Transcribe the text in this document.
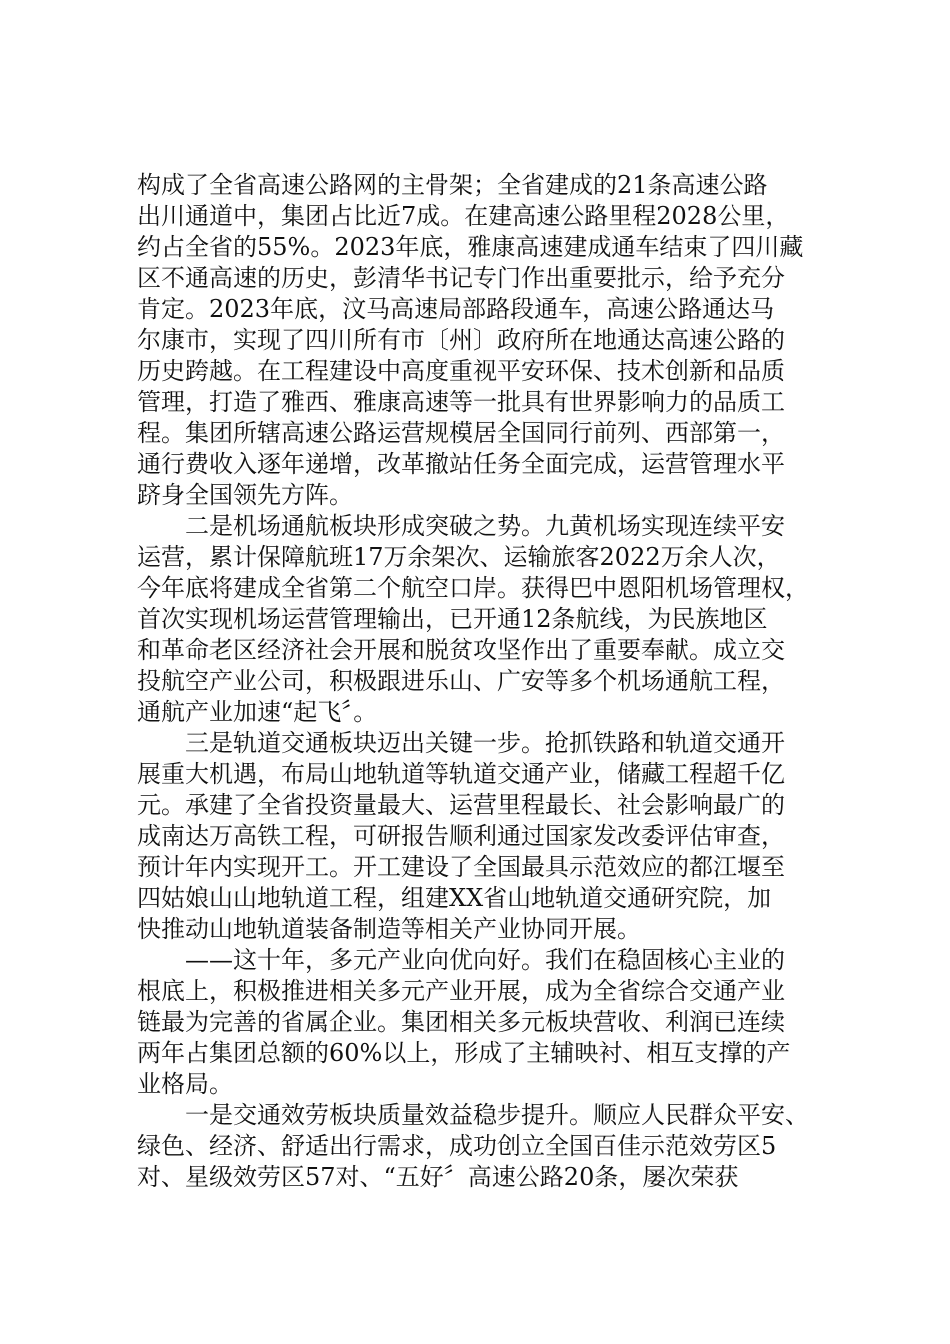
构成了全省高速公路网的主骨架；全省建成的21条高速公路
出川通道中，集团占比近7成。在建高速公路里程2028公里，
约占全省的55%。2023年底，雅康高速建成通车结束了四川藏
区不通高速的历史，彭清华书记专门作出重要批示，给予充分
肯定。2023年底，汶马高速局部路段通车，高速公路通达马
尔康市，实现了四川所有市〔州〕政府所在地通达高速公路的
历史跨越。在工程建设中高度重视平安环保、技术创新和品质
管理，打造了雅西、雅康高速等一批具有世界影响力的品质工
程。集团所辖高速公路运营规模居全国同行前列、西部第一，
通行费收入逐年递增，改革撤站任务全面完成，运营管理水平
跻身全国领先方阵。
二是机场通航板块形成突破之势。九黄机场实现连续平安
运营，累计保障航班17万余架次、运输旅客2022万余人次，
今年底将建成全省第二个航空口岸。获得巴中恩阳机场管理权，
首次实现机场运营管理输出，已开通12条航线，为民族地区
和革命老区经济社会开展和脱贫攻坚作出了重要奉献。成立交
投航空产业公司，积极跟进乐山、广安等多个机场通航工程，
通航产业加速“起飞〞。
三是轨道交通板块迈出关键一步。抢抓铁路和轨道交通开
展重大机遇，布局山地轨道等轨道交通产业，储藏工程超千亿
元。承建了全省投资量最大、运营里程最长、社会影响最广的
成南达万高铁工程，可研报告顺利通过国家发改委评估审查，
预计年内实现开工。开工建设了全国最具示范效应的都江堰至
四姑娘山山地轨道工程，组建XX省山地轨道交通研究院，加
快推动山地轨道装备制造等相关产业协同开展。
——这十年，多元产业向优向好。我们在稳固核心主业的
根底上，积极推进相关多元产业开展，成为全省综合交通产业
链最为完善的省属企业。集团相关多元板块营收、利润已连续
两年占集团总额的60%以上，形成了主辅映衬、相互支撑的产
业格局。
一是交通效劳板块质量效益稳步提升。顺应人民群众平安、
绿色、经济、舒适出行需求，成功创立全国百佳示范效劳区5
对、星级效劳区57对、“五好〞高速公路20条，屡次荣获
